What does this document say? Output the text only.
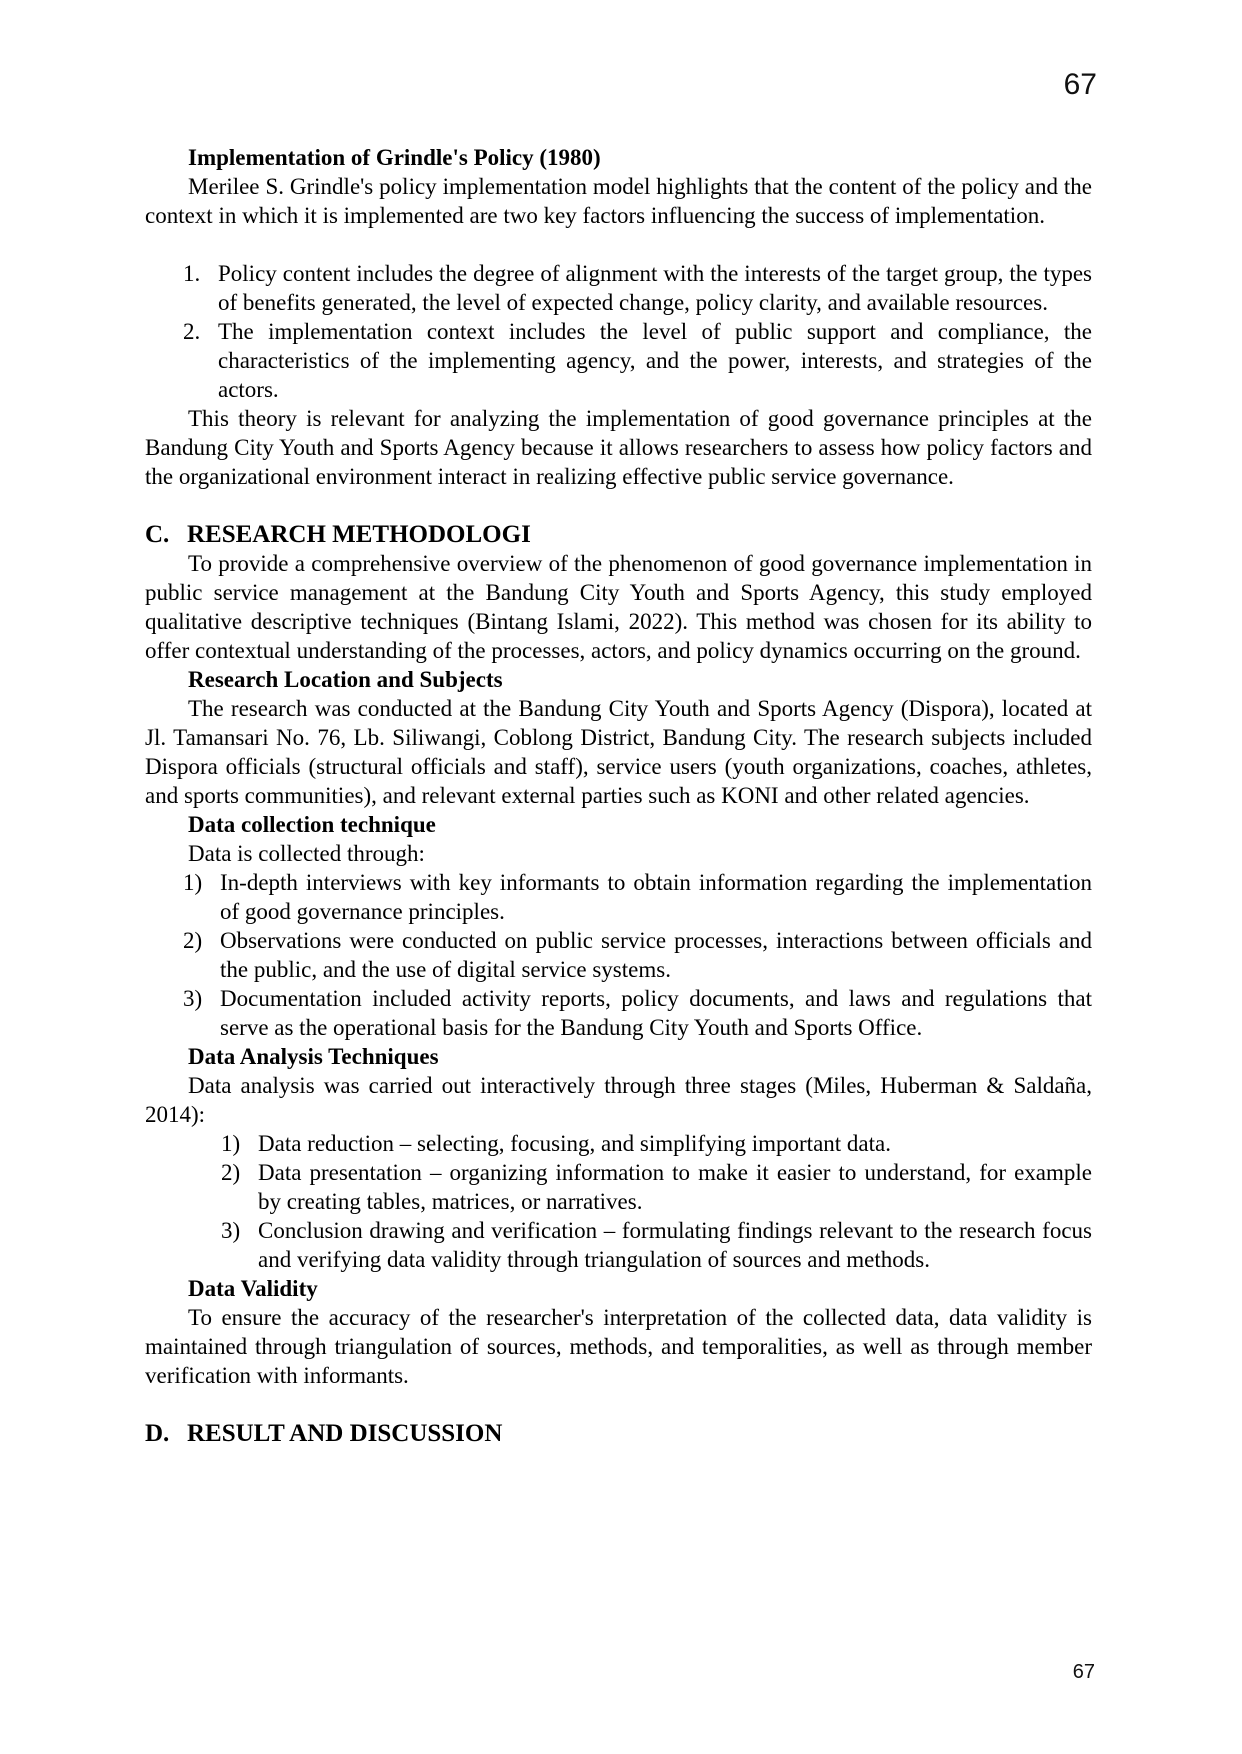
67

Implementation of Grindle's Policy (1980)

Merilee S. Grindle's policy implementation model highlights that the content of the policy and the context in which it is implemented are two key factors influencing the success of implementation.

1. Policy content includes the degree of alignment with the interests of the target group, the types of benefits generated, the level of expected change, policy clarity, and available resources.
2. The implementation context includes the level of public support and compliance, the characteristics of the implementing agency, and the power, interests, and strategies of the actors.

This theory is relevant for analyzing the implementation of good governance principles at the Bandung City Youth and Sports Agency because it allows researchers to assess how policy factors and the organizational environment interact in realizing effective public service governance.

C. RESEARCH METHODOLOGI

To provide a comprehensive overview of the phenomenon of good governance implementation in public service management at the Bandung City Youth and Sports Agency, this study employed qualitative descriptive techniques (Bintang Islami, 2022). This method was chosen for its ability to offer contextual understanding of the processes, actors, and policy dynamics occurring on the ground.

Research Location and Subjects

The research was conducted at the Bandung City Youth and Sports Agency (Dispora), located at Jl. Tamansari No. 76, Lb. Siliwangi, Coblong District, Bandung City. The research subjects included Dispora officials (structural officials and staff), service users (youth organizations, coaches, athletes, and sports communities), and relevant external parties such as KONI and other related agencies.

Data collection technique

Data is collected through:

1) In-depth interviews with key informants to obtain information regarding the implementation of good governance principles.
2) Observations were conducted on public service processes, interactions between officials and the public, and the use of digital service systems.
3) Documentation included activity reports, policy documents, and laws and regulations that serve as the operational basis for the Bandung City Youth and Sports Office.

Data Analysis Techniques

Data analysis was carried out interactively through three stages (Miles, Huberman & Saldaña, 2014):

1) Data reduction – selecting, focusing, and simplifying important data.
2) Data presentation – organizing information to make it easier to understand, for example by creating tables, matrices, or narratives.
3) Conclusion drawing and verification – formulating findings relevant to the research focus and verifying data validity through triangulation of sources and methods.

Data Validity

To ensure the accuracy of the researcher's interpretation of the collected data, data validity is maintained through triangulation of sources, methods, and temporalities, as well as through member verification with informants.

D. RESULT AND DISCUSSION
67
